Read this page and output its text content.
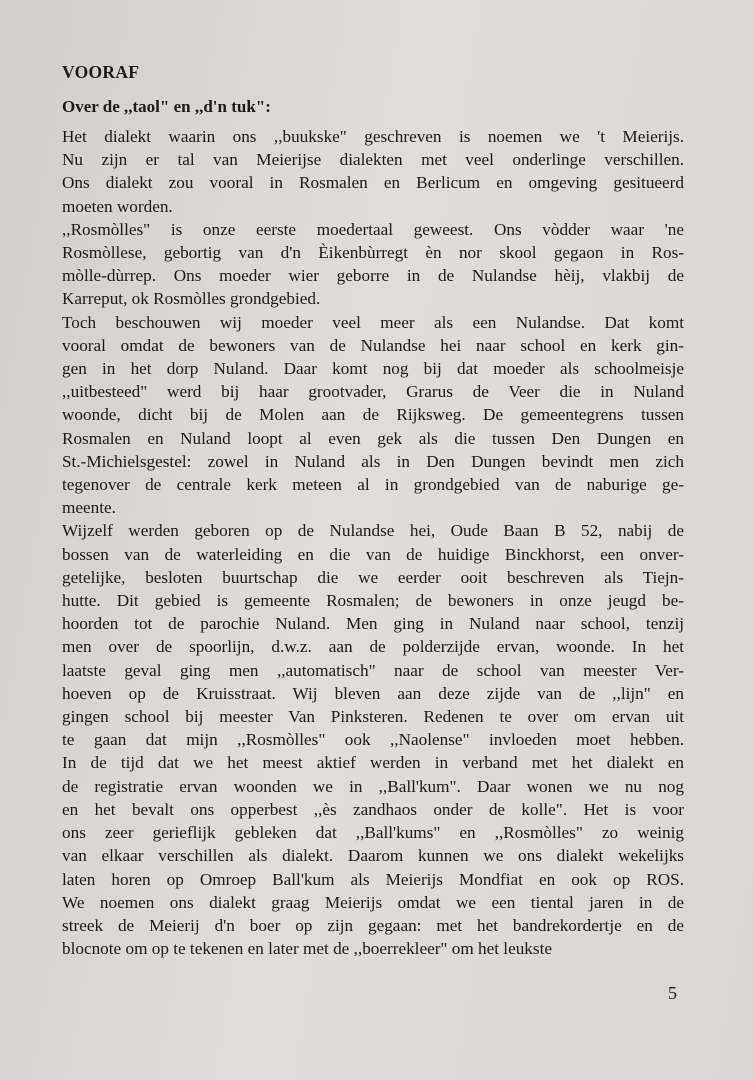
VOORAF
Over de ,,taol" en ,,d'n tuk":
Het dialekt waarin ons ,,buukske" geschreven is noemen we 't Meierijs.
Nu zijn er tal van Meierijse dialekten met veel onderlinge verschillen.
Ons dialekt zou vooral in Rosmalen en Berlicum en omgeving gesitueerd
moeten worden.
,,Rosmòlles" is onze eerste moedertaal geweest. Ons vòdder waar 'ne
Rosmòllese, gebortig van d'n Èikenbùrregt èn nor skool gegaon in Ros-
mòlle-dùrrep. Ons moeder wier geborre in de Nulandse hèij, vlakbij de
Karreput, ok Rosmòlles grondgebied.
Toch beschouwen wij moeder veel meer als een Nulandse. Dat komt
vooral omdat de bewoners van de Nulandse hei naar school en kerk gin-
gen in het dorp Nuland. Daar komt nog bij dat moeder als schoolmeisje
,,uitbesteed" werd bij haar grootvader, Grarus de Veer die in Nuland
woonde, dicht bij de Molen aan de Rijksweg. De gemeentegrens tussen
Rosmalen en Nuland loopt al even gek als die tussen Den Dungen en
St.-Michielsgestel: zowel in Nuland als in Den Dungen bevindt men zich
tegenover de centrale kerk meteen al in grondgebied van de naburige ge-
meente.
Wijzelf werden geboren op de Nulandse hei, Oude Baan B 52, nabij de
bossen van de waterleiding en die van de huidige Binckhorst, een onver-
getelijke, besloten buurtschap die we eerder ooit beschreven als Tiejn-
hutte. Dit gebied is gemeente Rosmalen; de bewoners in onze jeugd be-
hoorden tot de parochie Nuland. Men ging in Nuland naar school, tenzij
men over de spoorlijn, d.w.z. aan de polderzijde ervan, woonde. In het
laatste geval ging men ,,automatisch" naar de school van meester Ver-
hoeven op de Kruisstraat. Wij bleven aan deze zijde van de ,,lijn" en
gingen school bij meester Van Pinksteren. Redenen te over om ervan uit
te gaan dat mijn ,,Rosmòlles" ook ,,Naolense" invloeden moet hebben.
In de tijd dat we het meest aktief werden in verband met het dialekt en
de registratie ervan woonden we in ,,Ball'kum". Daar wonen we nu nog
en het bevalt ons opperbest ,,ès zandhaos onder de kolle". Het is voor
ons zeer gerieflijk gebleken dat ,,Ball'kums" en ,,Rosmòlles" zo weinig
van elkaar verschillen als dialekt. Daarom kunnen we ons dialekt wekelijks
laten horen op Omroep Ball'kum als Meierijs Mondfiat en ook op ROS.
We noemen ons dialekt graag Meierijs omdat we een tiental jaren in de
streek de Meierij d'n boer op zijn gegaan: met het bandrekordertje en de
blocnote om op te tekenen en later met de ,,boerrekleer" om het leukste
5
